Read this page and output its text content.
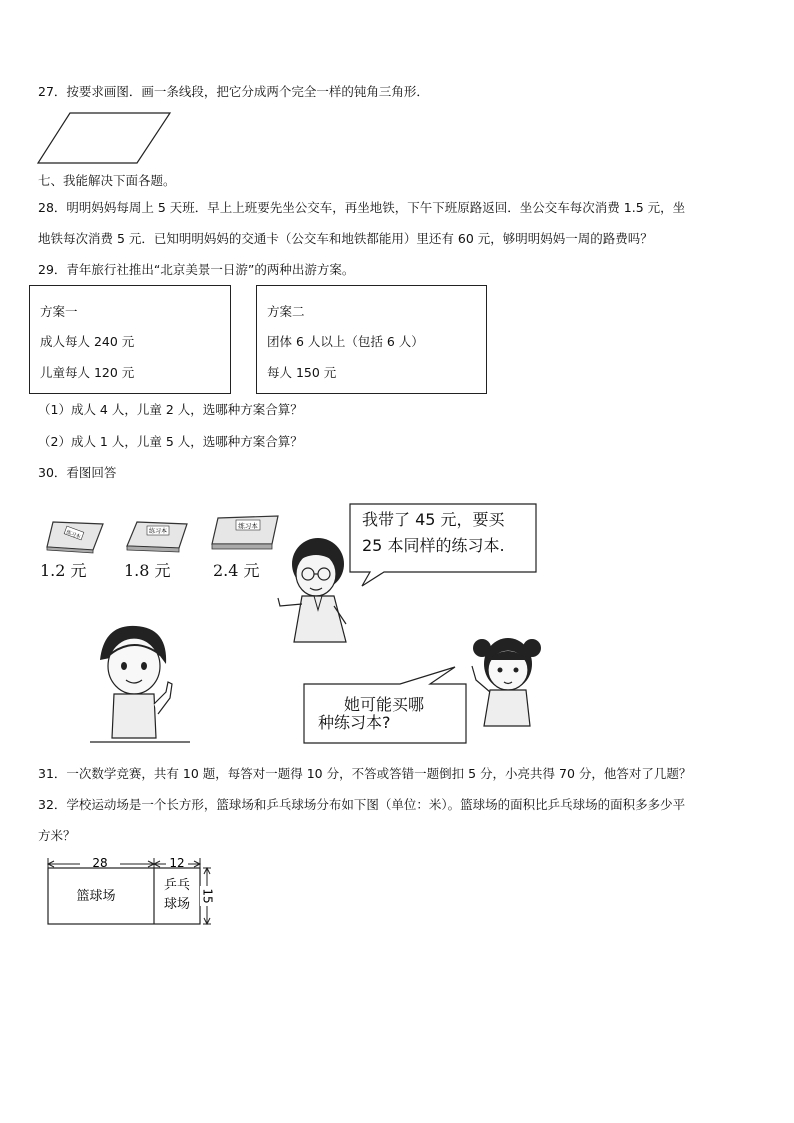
27．按要求画图．画一条线段，把它分成两个完全一样的钝角三角形．
七、我能解决下面各题。
28．明明妈妈每周上 5 天班．早上上班要先坐公交车，再坐地铁，下午下班原路返回．坐公交车每次消费 1.5 元，坐
地铁每次消费 5 元．已知明明妈妈的交通卡（公交车和地铁都能用）里还有 60 元，够明明妈妈一周的路费吗？
29．青年旅行社推出“北京美景一日游”的两种出游方案。
方案一
成人每人 240 元
儿童每人 120 元
方案二
团体 6 人以上（包括 6 人）
每人 150 元
（1）成人 4 人，儿童 2 人，选哪种方案合算？
（2）成人 1 人，儿童 5 人，选哪种方案合算？
30．看图回答
练习本	练习本
练习本
1.2 元 1.8 元	2.4 元
我带了 45 元，要买
25 本同样的练习本.
她可能买哪
种练习本?
31．一次数学竞赛，共有 10 题，每答对一题得 10 分，不答或答错一题倒扣 5 分，小亮共得 70 分，他答对了几题？
32．学校运动场是一个长方形，篮球场和乒乓球场分布如下图（单位：米）。篮球场的面积比乒乓球场的面积多多少平
方米？
28	12
15
篮球场
乒乓
球场
